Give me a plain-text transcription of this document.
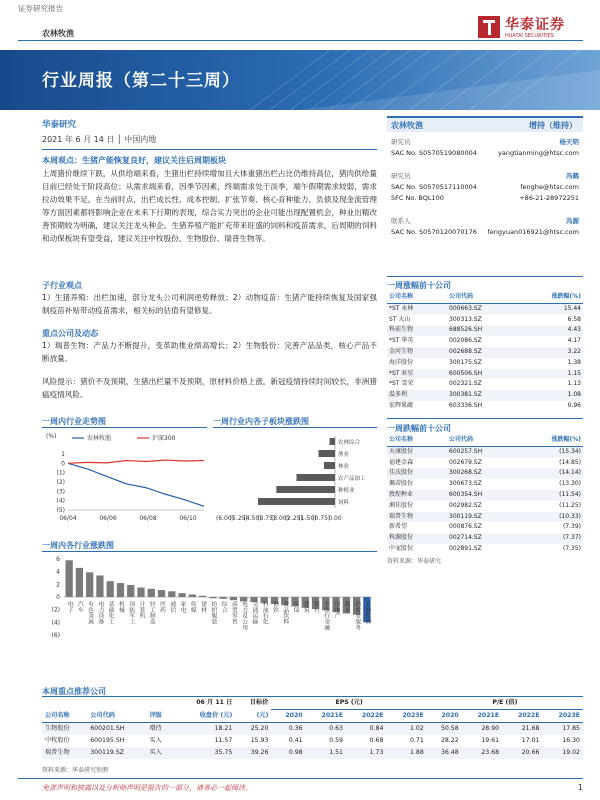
证券研究报告
农林牧渔
华泰证券
HUATAI SECURITIES
行业周报（第二十三周）
华泰研究
2021 年 6 月 14 日 │ 中国内地
本周观点：生猪产能恢复良好，建议关注后周期板块
上周猪价继续下跌，从供给端来看，生猪出栏持续增加且大体重猪出栏占比仍维持高位，猪肉供给量目前已经处于阶段高位；从需求端来看，因季节因素，终端需求处于淡季，端午假期需求较弱，需求拉动效果不足。在当前时点，出栏成长性、成本控制、扩张节奏、核心育种能力、负债及现金流管理等方面因素都将影响企业在未来下行期的表现，综合实力突出的企业可能出现配置机会，种业出精改善预期较为明确，建议关注龙头种企。生猪养殖产能扩充带来旺盛的饲料和疫苗需求，后周期的饲料和动保板块有望受益，建议关注中牧股份、生物股份、瑞普生物等。
子行业观点
1）生猪养殖：出栏加速，部分龙头公司利润逆势释放；2）动物疫苗：生猪产能持续恢复及国家强制疫苗补贴带动疫苗需求，相关标的估值有望修复。
重点公司及动态
1）瑞普生物：产品力不断提升，变革助推业绩高增长；2）生物股份：完善产品品类，核心产品不断放量。
风险提示：猪价不及预期，生猪出栏量不及预期，原材料价格上涨，新冠疫情持续时间较长，非洲猪瘟疫情风险。
农林牧渔	增持（维持）
研究员	杨天明
SAC No. S0570519080004	yangtianming@htsc.com
研究员	冯鹤
SAC No. S0570517110004	fenghe@htsc.com
SFC No. BQL100	+86-21-28972251
联系人	冯源
SAC No. S0570120070176 fengyuan016921@htsc.com
一周涨幅前十公司
公司名称	公司代码	涨跌幅(%)
*ST 永林	000663.SZ	15.44
ST 大山	300313.SZ	6.58
科前生物	688526.SH	4.43
*ST 华英	002086.SZ	4.17
金河生物	002688.SZ	3.22
海洋股份	300175.SZ	1.38
*ST 亚星	600506.SH	1.15
*ST 雪荣	002321.SZ	1.13
温多利	300381.SZ	1.08
宏辉果蔬	603336.SH	0.96
一周跌幅前十公司
公司名称	公司代码	涨跌幅(%)
天康股份	600257.SH	(15.34)
福建金森	002679.SZ	(14.85)
佳沃股份	300268.SZ	(14.14)
佩蒂股份	300673.SZ	(13.30)
敦煌种业	600354.SH	(11.54)
湘佳股份	002982.SZ	(11.25)
瑞普生物	300119.SZ	(10.33)
新希望	000876.SZ	(7.39)
科源股份	002714.SZ	(7.37)
中宠股份	002891.SZ	(7.35)
资料来源：华泰研究
一周内行业走势图
(%)
1
0
(1)
(2)
(3)
(4)
(5)
06/04	06/06	06/08	06/10
农林牧渔	沪深300
一周行业内各子板块涨跌图
农林综合
渔业
林业
农产品加工
种植业
饲料
(6.00)
(5.25)
(4.50)
(3.75)
(3.00)
(2.25)
(1.50)
(0.75)
0.00
一周内各行业涨跌图
6
4
2
0
(2)
(4)
(6)
电子 汽车 有色金属 电力设备 基础化工 机械 国防军工 计算机 轻工制造 医药 通信 家电 传媒 建材 纺织服装 综合 商贸零售 电力及公用 交通运输 石油石化 钢铁 食品饮料 环保 建筑 银行 非银行金融 房地产 煤炭 消费者服务 农林牧渔
本周重点推荐公司
			06 月 11 日	目标价	EPS (元)				P/E (倍)			
公司名称	公司代码	评级	收盘价 (元)	(元)	2020	2021E	2022E	2023E	2020	2021E	2022E	2023E
生物股份	600201.SH	增持	18.21	25.20	0.36	0.63	0.84	1.02	50.58	28.90	21.68	17.85
中牧股份	600195.SH	买入	11.57	15.93	0.41	0.59	0.68	0.71	28.22	19.61	17.01	16.30
瑞普生物	300119.SZ	买入	35.75	39.26	0.98	1.51	1.73	1.88	36.48	23.68	20.66	19.02
资料来源：华泰研究预测
免责声明和披露以及分析师声明是报告的一部分，请务必一起阅读。	1
